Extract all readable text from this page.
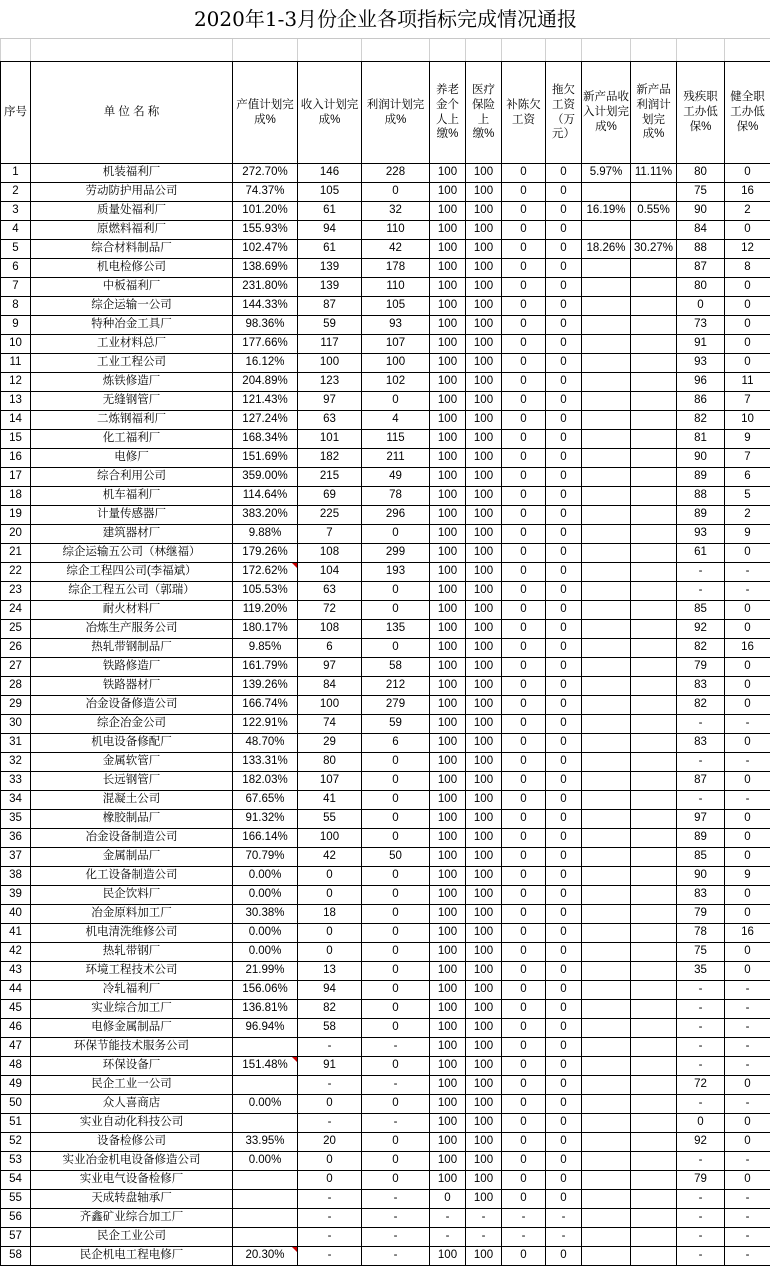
2020年1-3月份企业各项指标完成情况通报												

序号	单 位 名 称	产值计划完成%	收入计划完成%	利润计划完成%	养老金个人上缴%	医疗保险上缴%	补陈欠工资	拖欠工资（万元）	新产品收入计划完成%	新产品利润计划完成%	残疾职工办低保%	健全职工办低保%
1	机装福利厂	272.70%	146	228	100	100	0	0	5.97%	11.11%	80	0
2	劳动防护用品公司	74.37%	105	0	100	100	0	0			75	16
3	质量处福利厂	101.20%	61	32	100	100	0	0	16.19%	0.55%	90	2
4	原燃料福利厂	155.93%	94	110	100	100	0	0			84	0
5	综合材料制品厂	102.47%	61	42	100	100	0	0	18.26%	30.27%	88	12
6	机电检修公司	138.69%	139	178	100	100	0	0			87	8
7	中板福利厂	231.80%	139	110	100	100	0	0			80	0
8	综企运输一公司	144.33%	87	105	100	100	0	0			0	0
9	特种冶金工具厂	98.36%	59	93	100	100	0	0			73	0
10	工业材料总厂	177.66%	117	107	100	100	0	0			91	0
11	工业工程公司	16.12%	100	100	100	100	0	0			93	0
12	炼铁修造厂	204.89%	123	102	100	100	0	0			96	11
13	无缝钢管厂	121.43%	97	0	100	100	0	0			86	7
14	二炼钢福利厂	127.24%	63	4	100	100	0	0			82	10
15	化工福利厂	168.34%	101	115	100	100	0	0			81	9
16	电修厂	151.69%	182	211	100	100	0	0			90	7
17	综合利用公司	359.00%	215	49	100	100	0	0			89	6
18	机车福利厂	114.64%	69	78	100	100	0	0			88	5
19	计量传感器厂	383.20%	225	296	100	100	0	0			89	2
20	建筑器材厂	9.88%	7	0	100	100	0	0			93	9
21	综企运输五公司（林继福）	179.26%	108	299	100	100	0	0			61	0
22	综企工程四公司(李福斌）	172.62%	104	193	100	100	0	0			-	-
23	综企工程五公司（郭瑞）	105.53%	63	0	100	100	0	0			-	-
24	耐火材料厂	119.20%	72	0	100	100	0	0			85	0
25	冶炼生产服务公司	180.17%	108	135	100	100	0	0			92	0
26	热轧带钢制品厂	9.85%	6	0	100	100	0	0			82	16
27	铁路修造厂	161.79%	97	58	100	100	0	0			79	0
28	铁路器材厂	139.26%	84	212	100	100	0	0			83	0
29	冶金设备修造公司	166.74%	100	279	100	100	0	0			82	0
30	综企冶金公司	122.91%	74	59	100	100	0	0			-	-
31	机电设备修配厂	48.70%	29	6	100	100	0	0			83	0
32	金属软管厂	133.31%	80	0	100	100	0	0			-	-
33	长远钢管厂	182.03%	107	0	100	100	0	0			87	0
34	混凝土公司	67.65%	41	0	100	100	0	0			-	-
35	橡胶制品厂	91.32%	55	0	100	100	0	0			97	0
36	冶金设备制造公司	166.14%	100	0	100	100	0	0			89	0
37	金属制品厂	70.79%	42	50	100	100	0	0			85	0
38	化工设备制造公司	0.00%	0	0	100	100	0	0			90	9
39	民企饮料厂	0.00%	0	0	100	100	0	0			83	0
40	冶金原料加工厂	30.38%	18	0	100	100	0	0			79	0
41	机电清洗维修公司	0.00%	0	0	100	100	0	0			78	16
42	热轧带钢厂	0.00%	0	0	100	100	0	0			75	0
43	环境工程技术公司	21.99%	13	0	100	100	0	0			35	0
44	冷轧福利厂	156.06%	94	0	100	100	0	0			-	-
45	实业综合加工厂	136.81%	82	0	100	100	0	0			-	-
46	电修金属制品厂	96.94%	58	0	100	100	0	0			-	-
47	环保节能技术服务公司		-	-	100	100	0	0			-	-
48	环保设备厂	151.48%	91	0	100	100	0	0			-	-
49	民企工业一公司		-	-	100	100	0	0			72	0
50	众人喜商店	0.00%	0	0	100	100	0	0			-	-
51	实业自动化科技公司		-	-	100	100	0	0			0	0
52	设备检修公司	33.95%	20	0	100	100	0	0			92	0
53	实业冶金机电设备修造公司	0.00%	0	0	100	100	0	0			-	-
54	实业电气设备检修厂		0	0	100	100	0	0			79	0
55	天成转盘轴承厂		-	-	0	100	0	0			-	-
56	齐鑫矿业综合加工厂		-	-	-	-	-	-			-	-
57	民企工业公司		-	-	-	-	-	-			-	-
58	民企机电工程电修厂	20.30%	-	-	100	100	0	0			-	-
